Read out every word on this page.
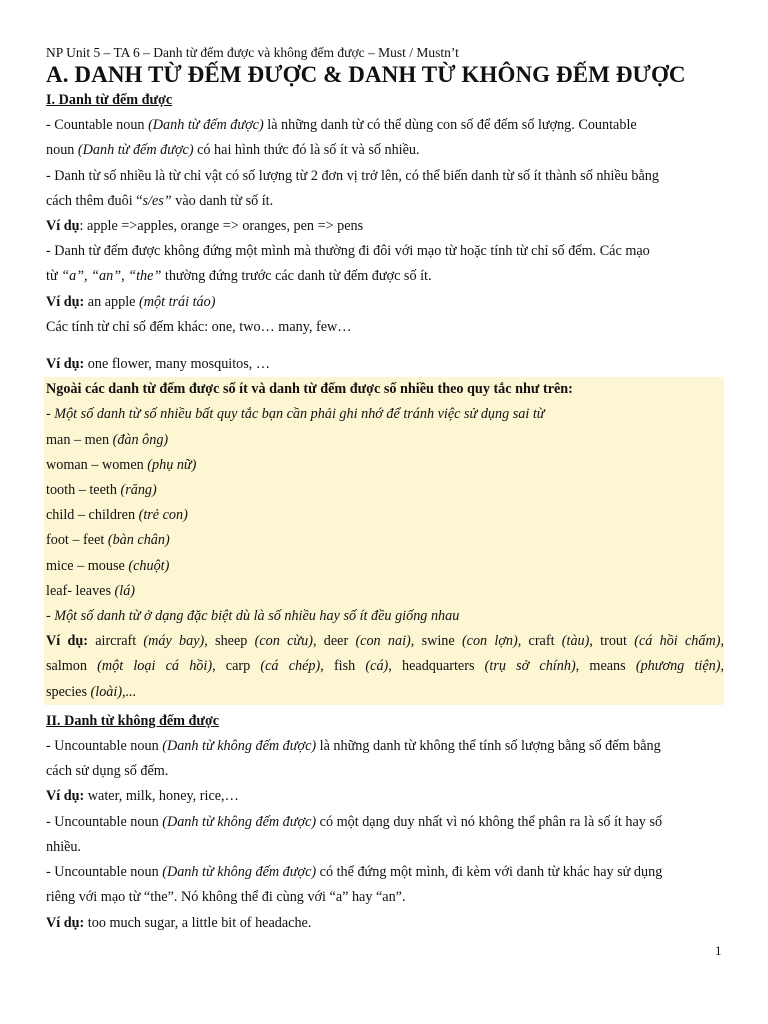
NP Unit 5 – TA 6 – Danh từ đếm được và không đếm được – Must / Mustn’t
A. DANH TỪ ĐẾM ĐƯỢC & DANH TỪ KHÔNG ĐẾM ĐƯỢC
I. Danh từ đếm được
- Countable noun (Danh từ đếm được) là những danh từ có thể dùng con số để đếm số lượng. Countable
noun (Danh từ đếm được) có hai hình thức đó là số ít và số nhiều.
- Danh từ số nhiều là từ chỉ vật có số lượng từ 2 đơn vị trở lên, có thể biến danh từ số ít thành số nhiều bằng
cách thêm đuôi “s/es” vào danh từ số ít.
Ví dụ: apple =>apples, orange => oranges, pen => pens
- Danh từ đếm được không đứng một mình mà thường đi đôi với mạo từ hoặc tính từ chỉ số đếm. Các mạo
từ “a”, “an”, “the” thường đứng trước các danh từ đếm được số ít.
Ví dụ: an apple (một trái táo)
Các tính từ chỉ số đếm khác: one, two… many, few…
Ví dụ: one flower, many mosquitos, …
Ngoài các danh từ đếm được số ít và danh từ đếm được số nhiều theo quy tắc như trên:
- Một số danh từ số nhiều bất quy tắc bạn cần phải ghi nhớ để tránh việc sử dụng sai từ
man – men (đàn ông)
woman – women (phụ nữ)
tooth – teeth (răng)
child – children (trẻ con)
foot – feet (bàn chân)
mice – mouse (chuột)
leaf- leaves (lá)
- Một số danh từ ở dạng đặc biệt dù là số nhiều hay số ít đều giống nhau
Ví dụ: aircraft (máy bay), sheep (con cừu), deer (con nai), swine (con lợn), craft (tàu), trout (cá hồi chấm),
salmon (một loại cá hồi), carp (cá chép), fish (cá), headquarters (trụ sở chính), means (phương tiện),
species (loài),...
II. Danh từ không đếm được
- Uncountable noun (Danh từ không đếm được) là những danh từ không thể tính số lượng bằng số đếm bằng
cách sử dụng số đếm.
Ví dụ: water, milk, honey, rice,…
- Uncountable noun (Danh từ không đếm được) có một dạng duy nhất vì nó không thể phân ra là số ít hay số
nhiều.
- Uncountable noun (Danh từ không đếm được) có thể đứng một mình, đi kèm với danh từ khác hay sử dụng
riêng với mạo từ “the”. Nó không thể đi cùng với “a” hay “an”.
Ví dụ: too much sugar, a little bit of headache.
1
